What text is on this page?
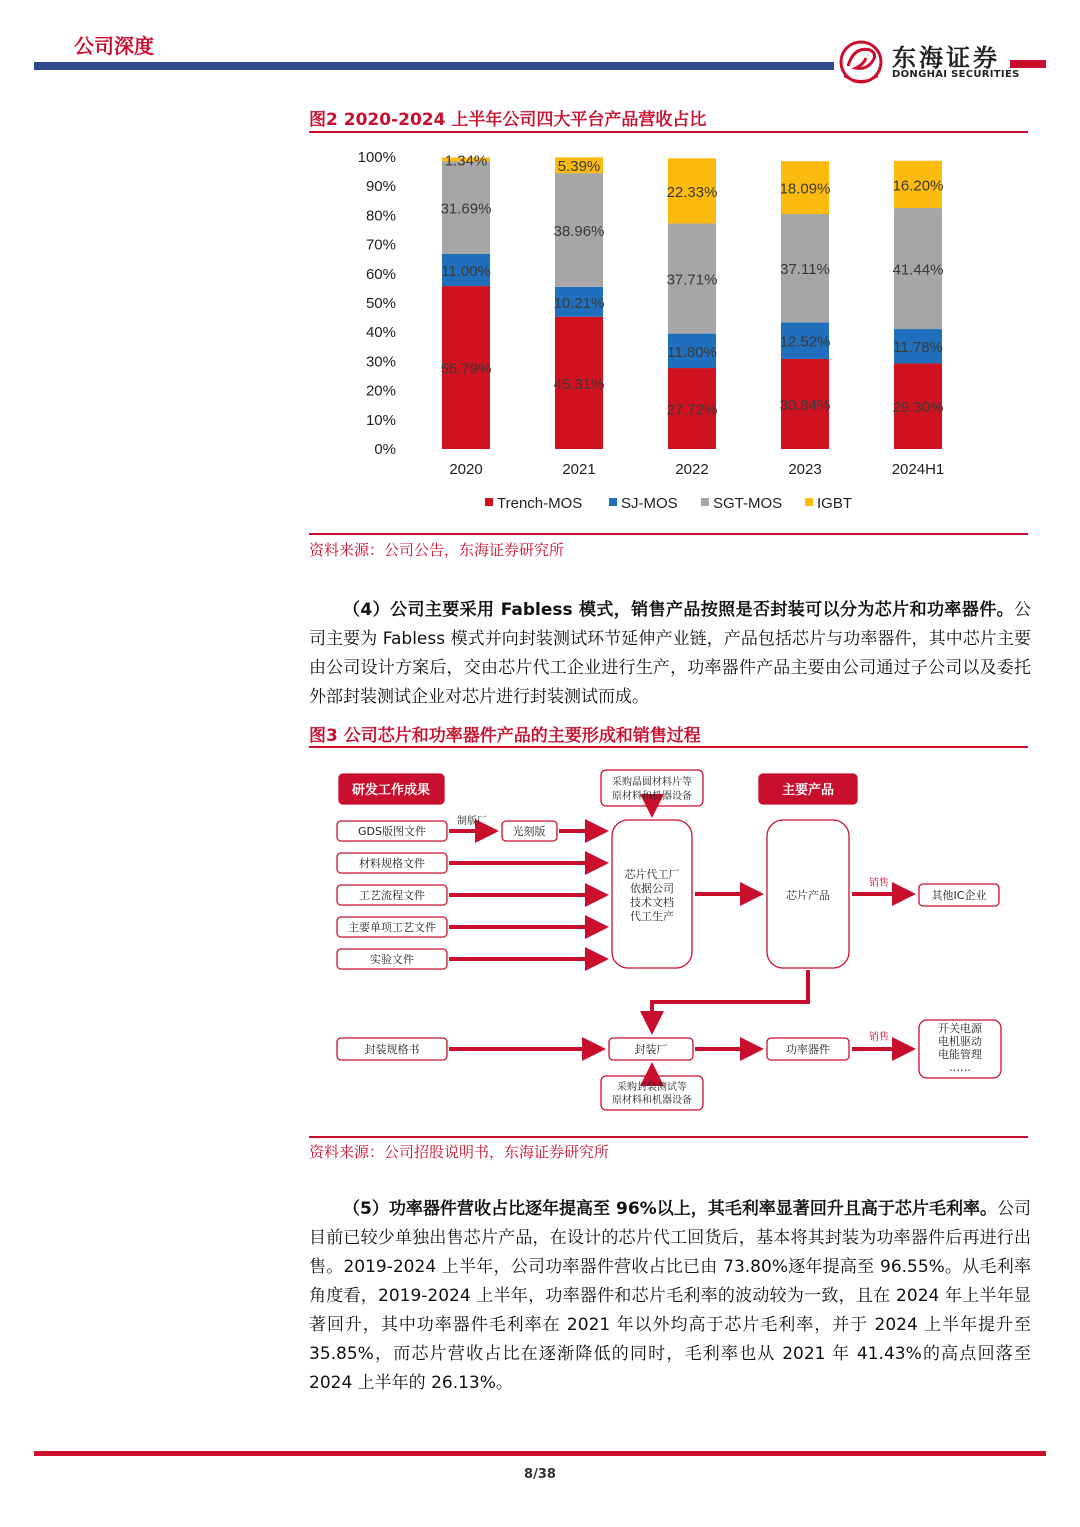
公司深度	东海证券
DONGHAI SECURITIES
图2 2020-2024 上半年公司四大平台产品营收占比
0%
10%
20%
30%
40%
50%
60%
70%
80%
90%
100%
55.79%
11.00%
31.69%
1.34%
45.31%
10.21%
38.96%
5.39%
27.72%
11.80%
37.71%
22.33%
30.84%
12.52%
37.11%
18.09%
29.30%
11.78%
41.44%
16.20%
2020	2021	2022	2023	2024H1
Trench-MOS	SJ-MOS SGT-MOS IGBT
资料来源：公司公告，东海证券研究所
（4）公司主要采用 Fabless 模式，销售产品按照是否封装可以分为芯片和功率器件。公司主要为 Fabless 模式并向封装测试环节延伸产业链，产品包括芯片与功率器件，其中芯片主要由公司设计方案后，交由芯片代工企业进行生产，功率器件产品主要由公司通过子公司以及委托外部封装测试企业对芯片进行封装测试而成。
图3 公司芯片和功率器件产品的主要形成和销售过程
研发工作成果	主要产品
采购晶圆材料片等
原材料和机器设备
GDS版图文件
制版厂
光刻版
材料规格文件
工艺流程文件
主要单项工艺文件
实验文件
芯片代工厂
依据公司
技术文档
代工生产
芯片产品
销售
其他IC企业
封装规格书	封装厂	功率器件
销售
开关电源
电机驱动
电能管理
……
采购封装测试等
原材料和机器设备
资料来源：公司招股说明书，东海证券研究所
（5）功率器件营收占比逐年提高至 96%以上，其毛利率显著回升且高于芯片毛利率。公司目前已较少单独出售芯片产品，在设计的芯片代工回货后，基本将其封装为功率器件后再进行出售。2019-2024 上半年，公司功率器件营收占比已由 73.80%逐年提高至 96.55%。从毛利率角度看，2019-2024 上半年，功率器件和芯片毛利率的波动较为一致，且在 2024 年上半年显著回升，其中功率器件毛利率在 2021 年以外均高于芯片毛利率，并于 2024 上半年提升至 35.85%，而芯片营收占比在逐渐降低的同时，毛利率也从 2021 年 41.43%的高点回落至 2024 上半年的 26.13%。
8/38
